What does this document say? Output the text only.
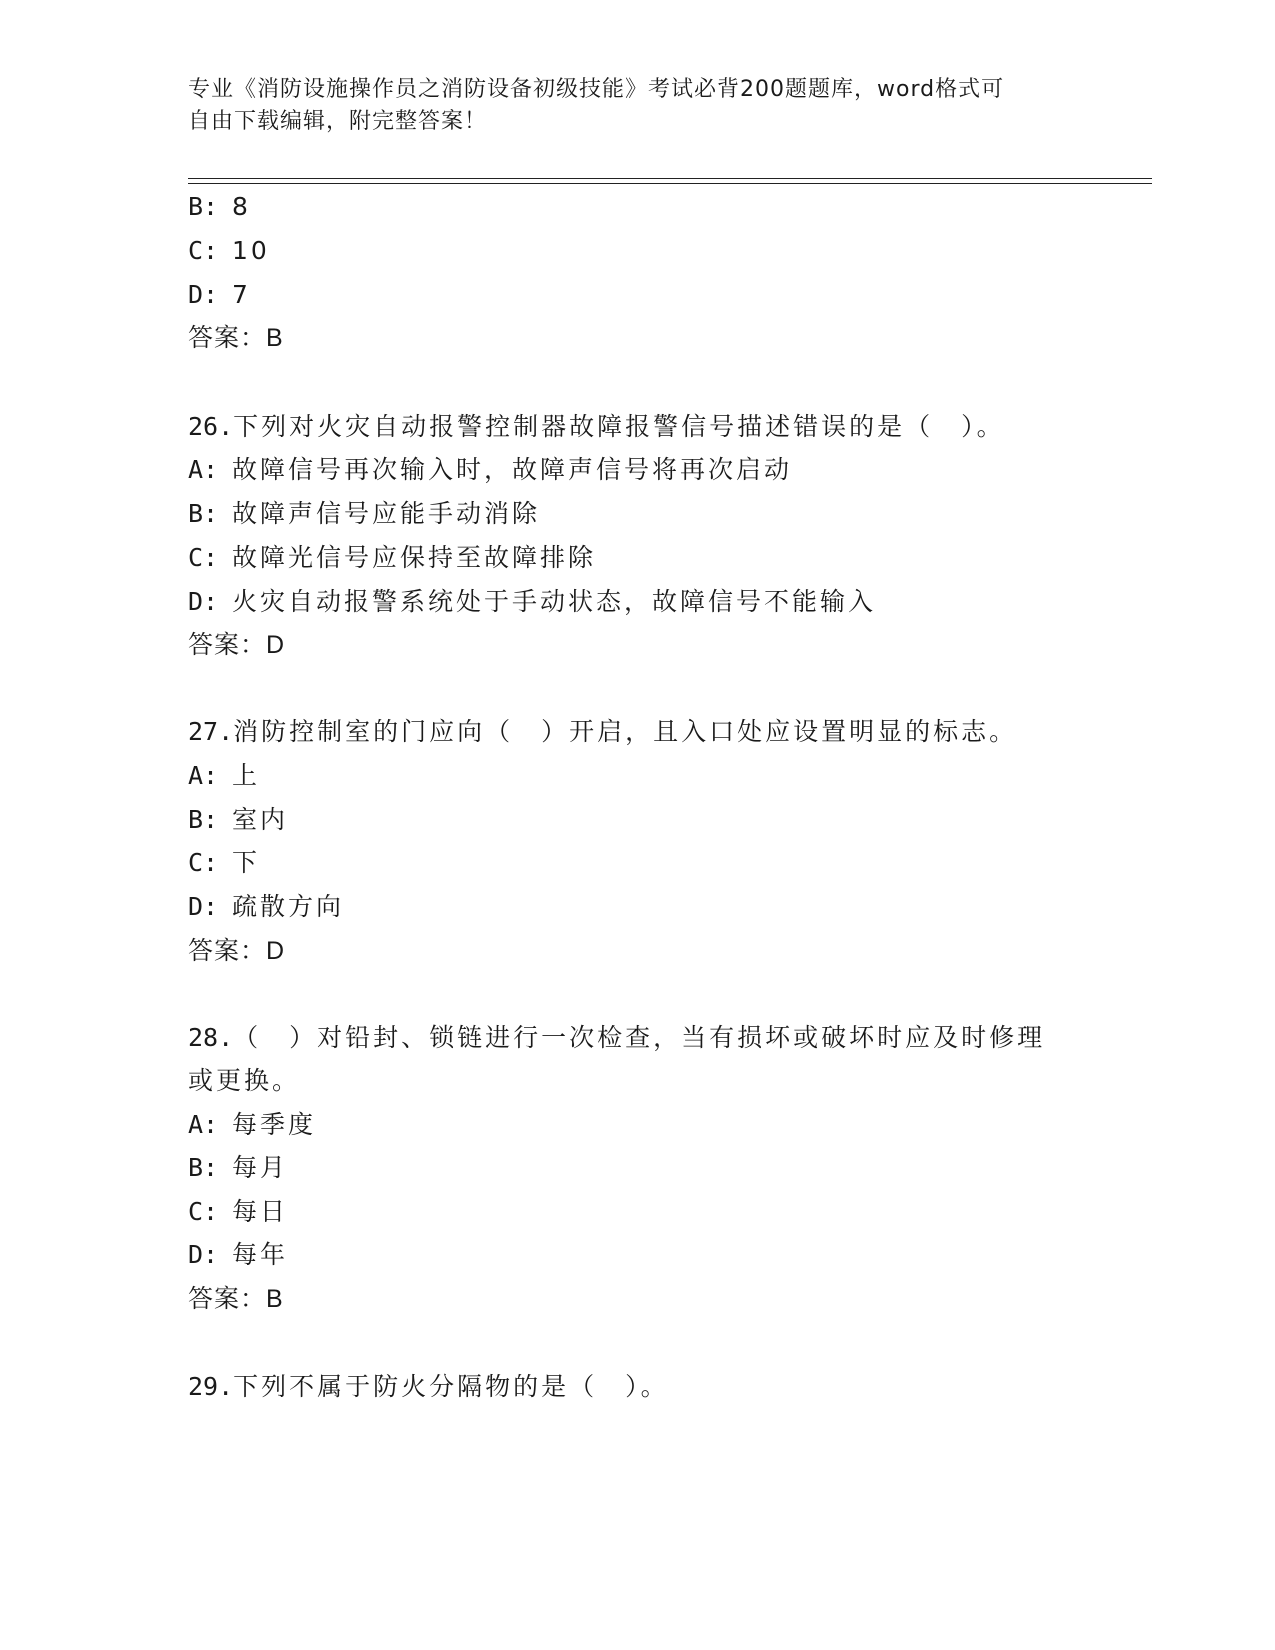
专业《消防设施操作员之消防设备初级技能》考试必背200题题库，word格式可
自由下载编辑，附完整答案！
B: 8
C: 10
D: 7
答案：B
26.下列对火灾自动报警控制器故障报警信号描述错误的是（　）。
A: 故障信号再次输入时，故障声信号将再次启动
B: 故障声信号应能手动消除
C: 故障光信号应保持至故障排除
D: 火灾自动报警系统处于手动状态，故障信号不能输入
答案：D
27.消防控制室的门应向（　）开启，且入口处应设置明显的标志。
A: 上
B: 室内
C: 下
D: 疏散方向
答案：D
28.（　）对铅封、锁链进行一次检查，当有损坏或破坏时应及时修理
或更换。
A: 每季度
B: 每月
C: 每日
D: 每年
答案：B
29.下列不属于防火分隔物的是（　）。
